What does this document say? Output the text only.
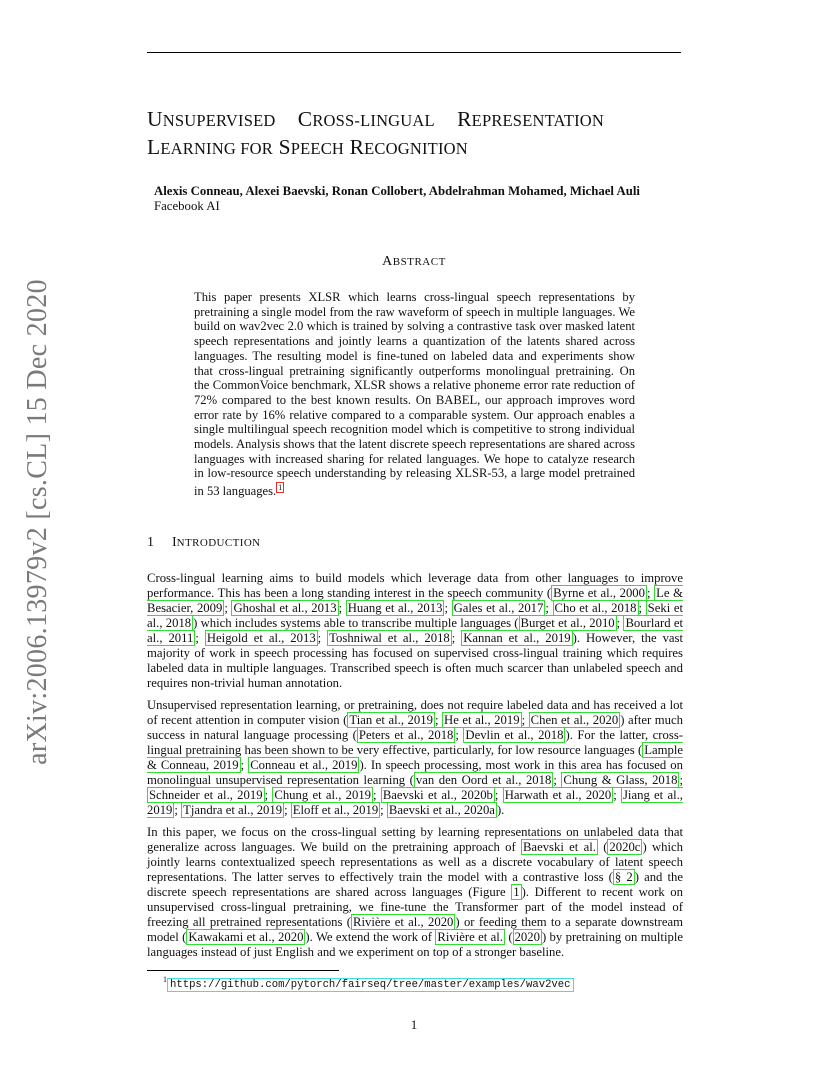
arXiv:2006.13979v2 [cs.CL] 15 Dec 2020
UNSUPERVISED CROSS-LINGUAL REPRESENTATION
LEARNING FOR SPEECH RECOGNITION
Alexis Conneau, Alexei Baevski, Ronan Collobert, Abdelrahman Mohamed, Michael Auli
Facebook AI
ABSTRACT
This paper presents XLSR which learns cross-lingual speech representations by pretraining a single model from the raw waveform of speech in multiple languages. We build on wav2vec 2.0 which is trained by solving a contrastive task over masked latent speech representations and jointly learns a quantization of the latents shared across languages. The resulting model is fine-tuned on labeled data and experiments show that cross-lingual pretraining significantly outperforms monolingual pretraining. On the CommonVoice benchmark, XLSR shows a relative phoneme error rate reduction of 72% compared to the best known results. On BABEL, our approach improves word error rate by 16% relative compared to a comparable system. Our approach enables a single multilingual speech recognition model which is competitive to strong individual models. Analysis shows that the latent discrete speech representations are shared across languages with increased sharing for related languages. We hope to catalyze research in low-resource speech understanding by releasing XLSR-53, a large model pretrained in 53 languages. $^1$
1 INTRODUCTION

Cross-lingual learning aims to build models which leverage data from other languages to improve performance. This has been a long standing interest in the speech community ( Byrne et al., 2000 ; Le & Besacier, 2009 ; Ghoshal et al., 2013 ; Huang et al., 2013 ; Gales et al., 2017 ; Cho et al., 2018 ; Seki et al., 2018 ) which includes systems able to transcribe multiple languages ( Burget et al., 2010 ; Bourlard et al., 2011 ; Heigold et al., 2013 ; Toshniwal et al., 2018 ; Kannan et al., 2019 ). However, the vast majority of work in speech processing has focused on supervised cross-lingual training which requires labeled data in multiple languages. Transcribed speech is often much scarcer than unlabeled speech and requires non-trivial human annotation.

Unsupervised representation learning, or pretraining, does not require labeled data and has received a lot of recent attention in computer vision ( Tian et al., 2019 ; He et al., 2019 ; Chen et al., 2020 ) after much success in natural language processing ( Peters et al., 2018 ; Devlin et al., 2018 ). For the latter, cross-lingual pretraining has been shown to be very effective, particularly, for low resource languages ( Lample & Conneau, 2019 ; Conneau et al., 2019 ). In speech processing, most work in this area has focused on monolingual unsupervised representation learning ( van den Oord et al., 2018 ; Chung & Glass, 2018 ; Schneider et al., 2019 ; Chung et al., 2019 ; Baevski et al., 2020b ; Harwath et al., 2020 ; Jiang et al., 2019 ; Tjandra et al., 2019 ; Eloff et al., 2019 ; Baevski et al., 2020a ).

In this paper, we focus on the cross-lingual setting by learning representations on unlabeled data that generalize across languages. We build on the pretraining approach of Baevski et al. ( 2020c ) which jointly learns contextualized speech representations as well as a discrete vocabulary of latent speech representations. The latter serves to effectively train the model with a contrastive loss ( § 2 ) and the discrete speech representations are shared across languages (Figure 1 ). Different to recent work on unsupervised cross-lingual pretraining, we fine-tune the Transformer part of the model instead of freezing all pretrained representations ( Rivière et al., 2020 ) or feeding them to a separate downstream model ( Kawakami et al., 2020 ). We extend the work of Rivière et al. ( 2020 ) by pretraining on multiple languages instead of just English and we experiment on top of a stronger baseline.

$^1$ https://github.com/pytorch/fairseq/tree/master/examples/wav2vec
1
